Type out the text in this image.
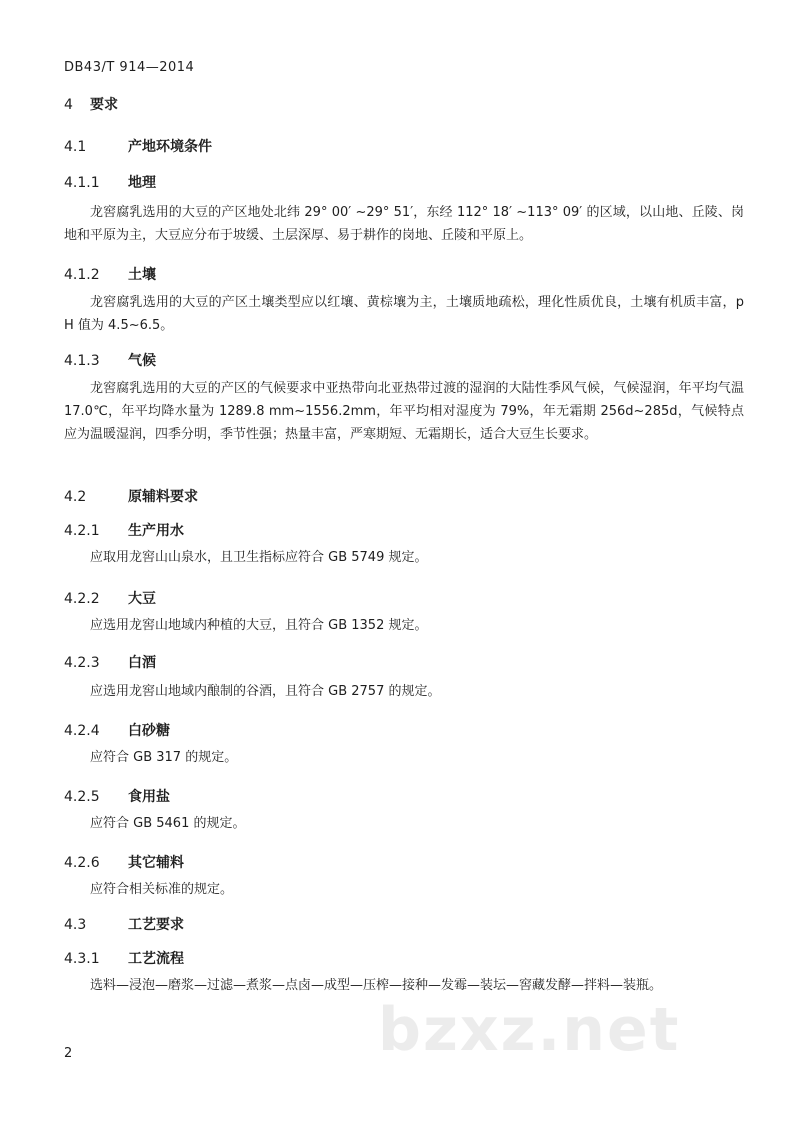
DB43/T 914—2014
4 要求
4.1	产地环境条件
4.1.1 地理
龙窖腐乳选用的大豆的产区地处北纬 29° 00′ ~29° 51′，东经 112° 18′ ~113° 09′ 的区域，以山地、丘陵、岗地和平原为主，大豆应分布于坡缓、土层深厚、易于耕作的岗地、丘陵和平原上。
4.1.2 土壤
龙窖腐乳选用的大豆的产区土壤类型应以红壤、黄棕壤为主，土壤质地疏松，理化性质优良，土壤有机质丰富，pH 值为 4.5~6.5。
4.1.3 气候
龙窖腐乳选用的大豆的产区的气候要求中亚热带向北亚热带过渡的湿润的大陆性季风气候，气候湿润，年平均气温 17.0℃，年平均降水量为 1289.8 mm~1556.2mm，年平均相对湿度为 79%，年无霜期 256d~285d，气候特点应为温暖湿润，四季分明，季节性强；热量丰富，严寒期短、无霜期长，适合大豆生长要求。
4.2	原辅料要求
4.2.1 生产用水
应取用龙窖山山泉水，且卫生指标应符合 GB 5749 规定。
4.2.2 大豆
应选用龙窖山地域内种植的大豆，且符合 GB 1352 规定。
4.2.3 白酒
应选用龙窖山地域内酿制的谷酒，且符合 GB 2757 的规定。
4.2.4 白砂糖
应符合 GB 317 的规定。
4.2.5 食用盐
应符合 GB 5461 的规定。
4.2.6 其它辅料
应符合相关标准的规定。
4.3	工艺要求
4.3.1 工艺流程
选料—浸泡—磨浆—过滤—煮浆—点卤—成型—压榨—接种—发霉—装坛—窖藏发酵—拌料—装瓶。
bzxz.net
2
